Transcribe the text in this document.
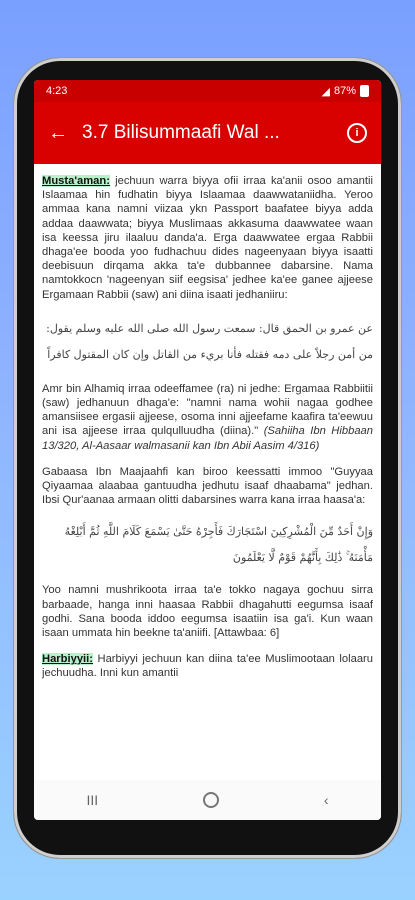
4:23	◢ 87%
← 3.7 Bilisummaafi Wal ...	i

Musta'aman: jechuun warra biyya ofii irraa ka'anii osoo amantii Islaamaa hin fudhatin biyya Islaamaa daawwataniidha. Yeroo ammaa kana namni viizaa ykn Passport baafatee biyya adda addaa daawwata; biyya Muslimaas akkasuma daawwatee waan isa keessa jiru ilaaluu danda'a. Erga daawwatee ergaa Rabbii dhaga'ee booda yoo fudhachuu dides nageenyaan biyya isaatti deebisuun dirqama akka ta'e dubbannee dabarsine. Nama namtokkocn 'nageenyan siif eegsisa' jedhee ka'ee ganee ajjeese Ergamaan Rabbii (saw) ani diina isaati jedhaniiru:

عن عمرو بن الحمق قال: سمعت رسول الله صلى الله عليه وسلم يقول: من أمن رجلاً على دمه فقتله فأنا بريء من القاتل وإن كان المقتول كافراً

Amr bin Alhamiq irraa odeeffamee (ra) ni jedhe: Ergamaa Rabbiitii (saw) jedhanuun dhaga'e: "namni nama wohii nagaa godhee amansiisee ergasii ajjeese, osoma inni ajjeefame kaafira ta'eewuu ani isa ajjeese irraa qulqulluudha (diina)." (Sahiiha Ibn Hibbaan 13/320, Al-Aasaar walmasanii kan Ibn Abii Aasim 4/316)

Gabaasa Ibn Maajaahfi kan biroo keessatti immoo "Guyyaa Qiyaamaa alaabaa gantuudha jedhutu isaaf dhaabama" jedhan. Ibsi Qur'aanaa armaan olitti dabarsines warra kana irraa haasa'a:

وَإِنْ أَحَدٌ مِّنَ الْمُشْرِكِينَ اسْتَجَارَكَ فَأَجِرْهُ حَتَّىٰ يَسْمَعَ كَلَامَ اللَّهِ ثُمَّ أَبْلِغْهُ مَأْمَنَهُ ۚ ذَٰلِكَ بِأَنَّهُمْ قَوْمٌ لَّا يَعْلَمُونَ

Yoo namni mushrikoota irraa ta'e tokko nagaya gochuu sirra barbaade, hanga inni haasaa Rabbii dhagahutti eegumsa isaaf godhi. Sana booda iddoo eegumsa isaatiin isa ga'i. Kun waan isaan ummata hin beekne ta'aniifi. [Attawbaa: 6]

Harbiyyii: Harbiyyi jechuun kan diina ta'ee Muslimootaan lolaaru jechuudha. Inni kun amantii

III	‹
